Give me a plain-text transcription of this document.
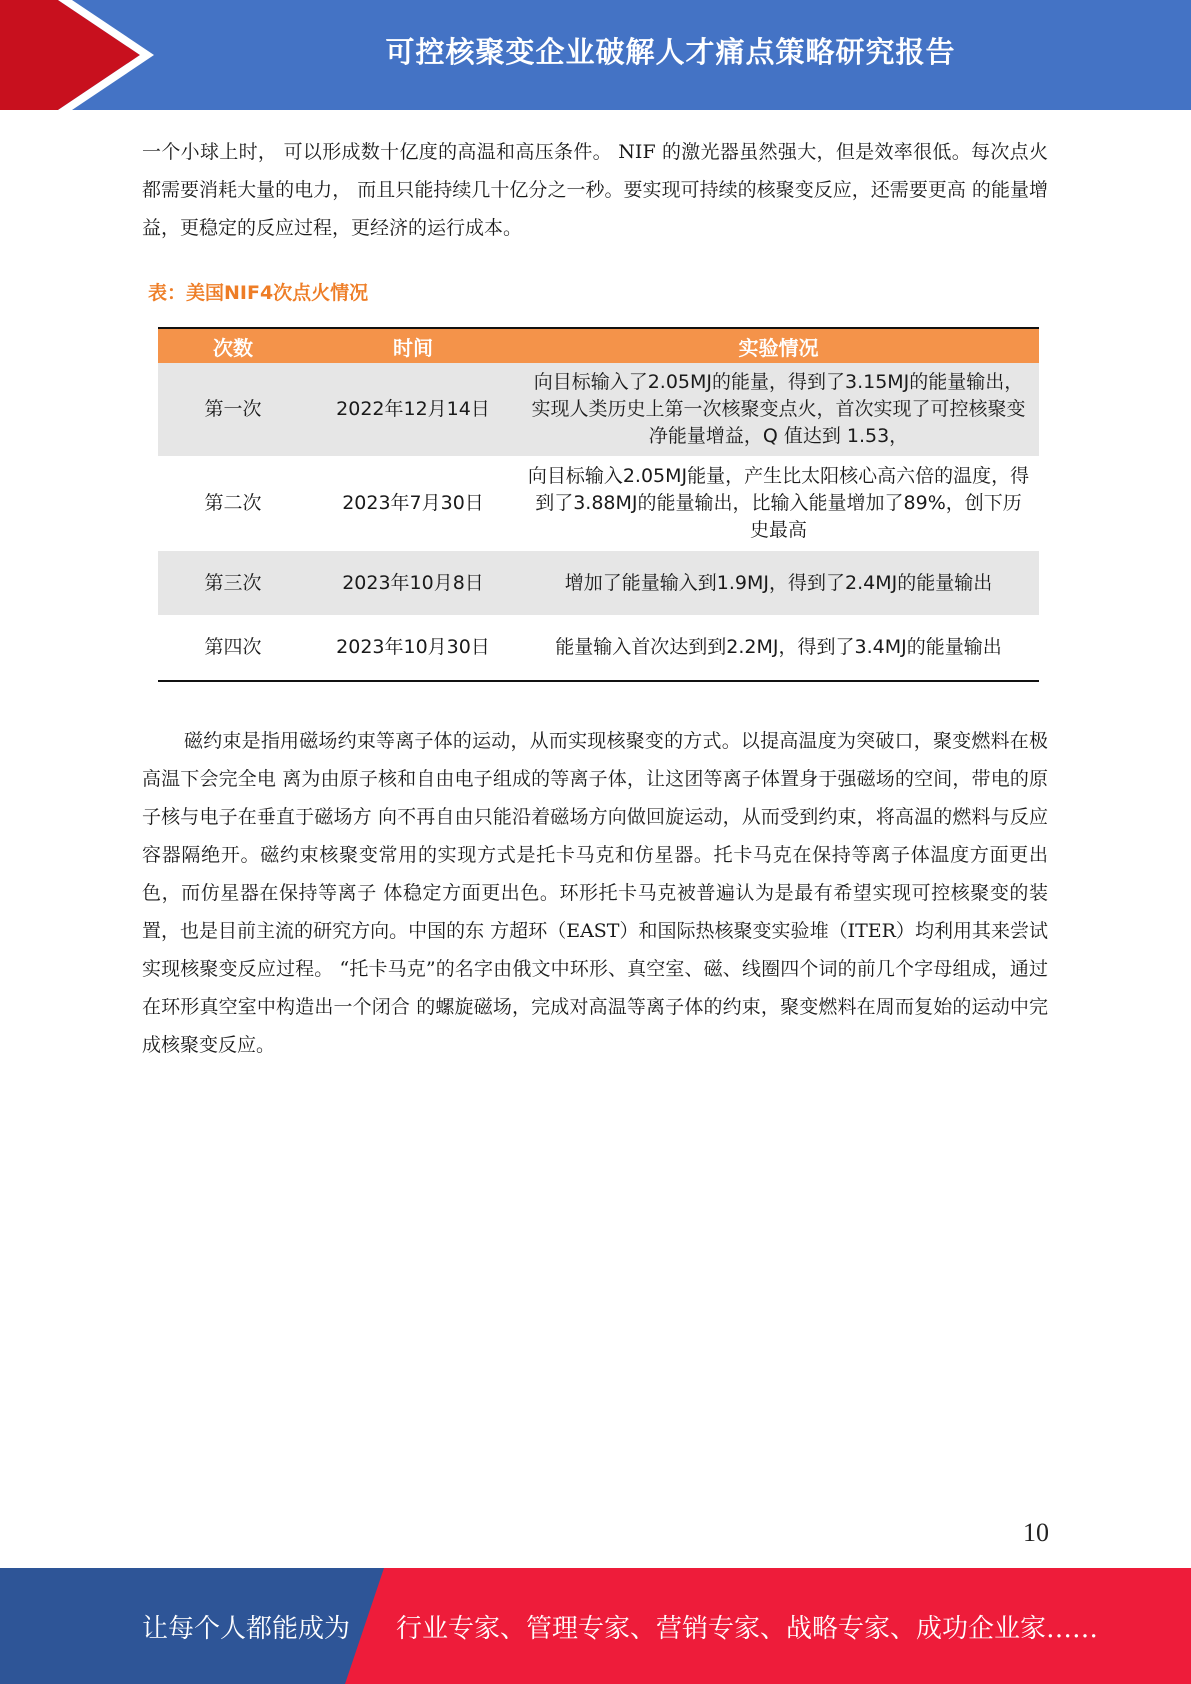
可控核聚变企业破解人才痛点策略研究报告

一个小球上时， 可以形成数十亿度的高温和高压条件。 NIF 的激光器虽然强大，但是效率很低。每次点火都需要消耗大量的电力， 而且只能持续几十亿分之一秒。要实现可持续的核聚变反应，还需要更高 的能量增益，更稳定的反应过程，更经济的运行成本。

表：美国NIF4次点火情况
次数	时间	实验情况
第一次	2022年12月14日	向目标输入了2.05MJ的能量，得到了3.15MJ的能量输出，实现人类历史上第一次核聚变点火，首次实现了可控核聚变净能量增益，Q 值达到 1.53，
第二次	2023年7月30日	向目标输入2.05MJ能量，产生比太阳核心高六倍的温度，得到了3.88MJ的能量输出，比输入能量增加了89%，创下历史最高
第三次	2023年10月8日	增加了能量输入到1.9MJ，得到了2.4MJ的能量输出
第四次	2023年10月30日	能量输入首次达到到2.2MJ，得到了3.4MJ的能量输出

磁约束是指用磁场约束等离子体的运动，从而实现核聚变的方式。以提高温度为突破口，聚变燃料在极高温下会完全电 离为由原子核和自由电子组成的等离子体，让这团等离子体置身于强磁场的空间，带电的原子核与电子在垂直于磁场方 向不再自由只能沿着磁场方向做回旋运动，从而受到约束，将高温的燃料与反应容器隔绝开。磁约束核聚变常用的实现方式是托卡马克和仿星器。托卡马克在保持等离子体温度方面更出色，而仿星器在保持等离子 体稳定方面更出色。环形托卡马克被普遍认为是最有希望实现可控核聚变的装置，也是目前主流的研究方向。中国的东 方超环（EAST）和国际热核聚变实验堆（ITER）均利用其来尝试实现核聚变反应过程。 “托卡马克”的名字由俄文中环形、真空室、磁、线圈四个词的前几个字母组成，通过在环形真空室中构造出一个闭合 的螺旋磁场，完成对高温等离子体的约束，聚变燃料在周而复始的运动中完成核聚变反应。

10
让每个人都能成为 行业专家、管理专家、营销专家、战略专家、成功企业家……
